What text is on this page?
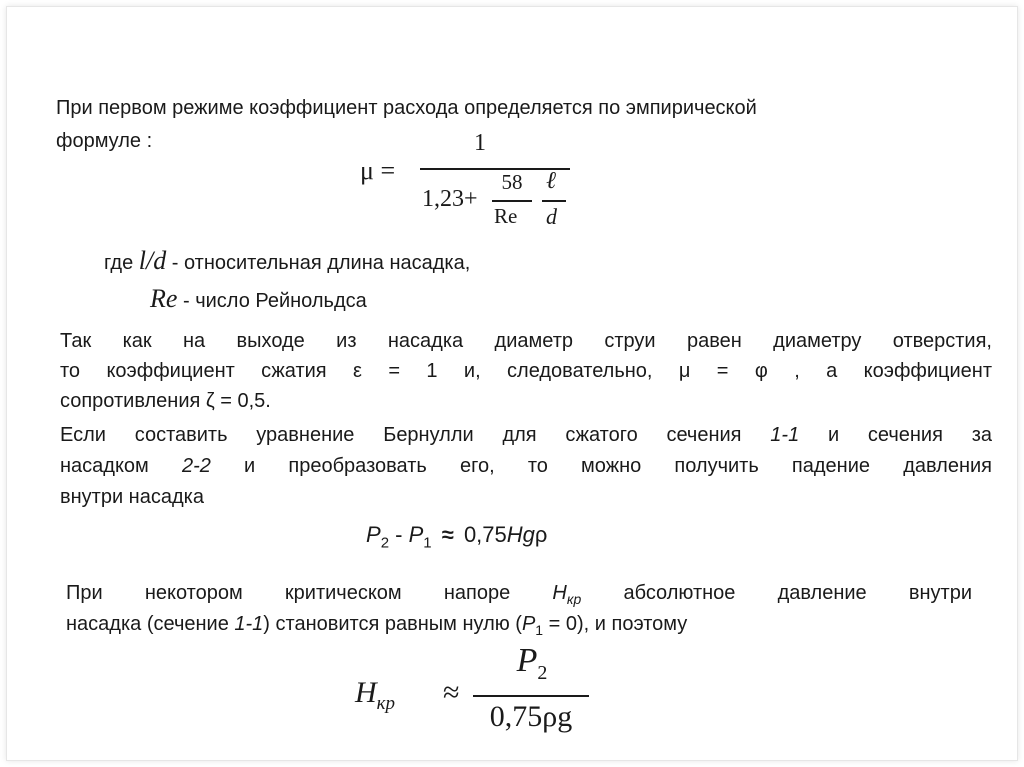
При первом режиме коэффициент расхода определяется по эмпирической
формуле :
μ =
1
1,23+
58
Re
ℓ
d
где l/d - относительная длина насадка,
Re - число Рейнольдса
Так как на выходе из насадка диаметр струи равен диаметру отверстия,
то коэффициент сжатия ε = 1 и, следовательно, μ = φ , а коэффициент
сопротивления ζ = 0,5.
Если составить уравнение Бернулли для сжатого сечения 1-1 и сечения за
насадком 2-2 и преобразовать его, то можно получить падение давления
внутри насадка
$P_2 - P_1 \approx 0,75Hg\rho$
При некотором критическом напоре $H_{кр}$ абсолютное давление внутри
насадка (сечение 1-1) становится равным нулю $(P_1 = 0)$, и поэтому
$H_{кр}$ ≈
$P_2$
0,75ρg
